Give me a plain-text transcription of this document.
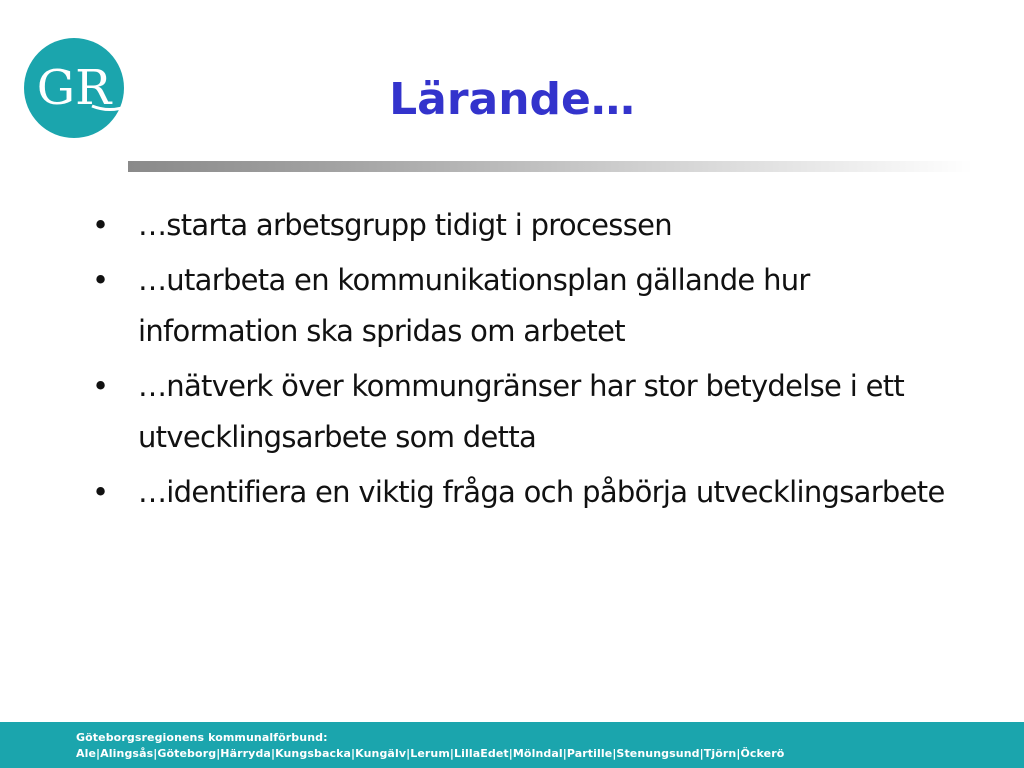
GR	Lärande…
• …starta arbetsgrupp tidigt i processen
• …utarbeta en kommunikationsplan gällande hur information ska spridas om arbetet
• …nätverk över kommungränser har stor betydelse i ett utvecklingsarbete som detta
• …identifiera en viktig fråga och påbörja utvecklingsarbete
Göteborgsregionens kommunalförbund:
Ale|Alingsås|Göteborg|Härryda|Kungsbacka|Kungälv|Lerum|LillaEdet|Mölndal|Partille|Stenungsund|Tjörn|Öckerö
